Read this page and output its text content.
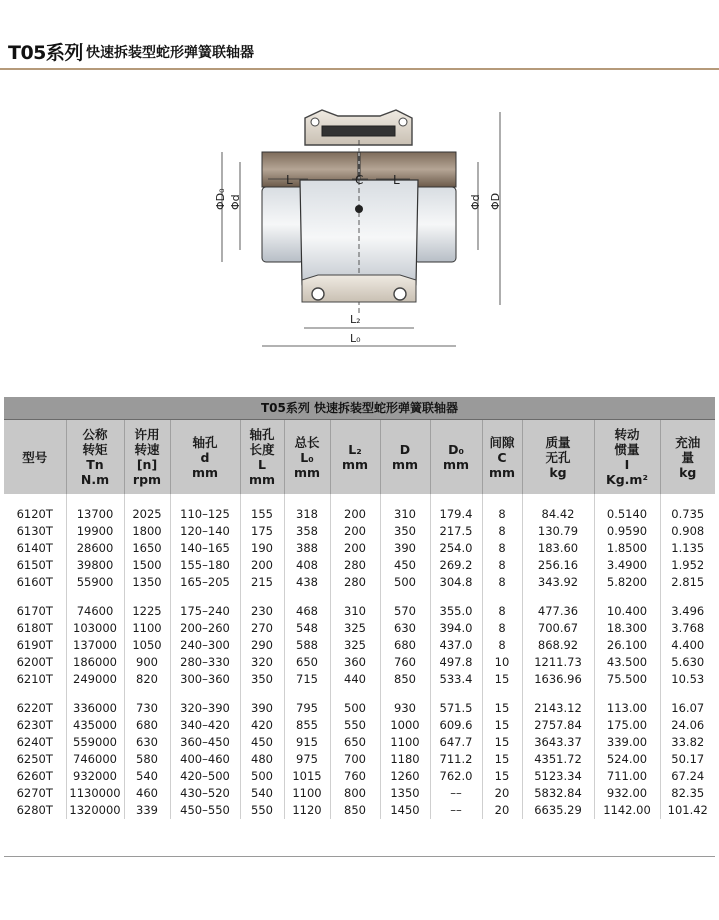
T05系列 快速拆装型蛇形弹簧联轴器
L	C L
L₂
L₀
ΦD₀ Φd	Φd ΦD
T05系列 快速拆装型蛇形弹簧联轴器
型号	公称
转矩
Tn
N.m	许用
转速
[n]
rpm	轴孔
d
mm	轴孔
长度
L
mm	总长
L₀
mm	L₂
mm	D
mm	D₀
mm	间隙
C
mm	质量
无孔
kg	转动
惯量
I
Kg.m²	充油
量
kg

6120T	13700	2025	110–125	155	318	200	310	179.4	8	84.42	0.5140	0.735
6130T	19900	1800	120–140	175	358	200	350	217.5	8	130.79	0.9590	0.908
6140T	28600	1650	140–165	190	388	200	390	254.0	8	183.60	1.8500	1.135
6150T	39800	1500	155–180	200	408	280	450	269.2	8	256.16	3.4900	1.952
6160T	55900	1350	165–205	215	438	280	500	304.8	8	343.92	5.8200	2.815

6170T	74600	1225	175–240	230	468	310	570	355.0	8	477.36	10.400	3.496
6180T	103000	1100	200–260	270	548	325	630	394.0	8	700.67	18.300	3.768
6190T	137000	1050	240–300	290	588	325	680	437.0	8	868.92	26.100	4.400
6200T	186000	900	280–330	320	650	360	760	497.8	10	1211.73	43.500	5.630
6210T	249000	820	300–360	350	715	440	850	533.4	15	1636.96	75.500	10.53

6220T	336000	730	320–390	390	795	500	930	571.5	15	2143.12	113.00	16.07
6230T	435000	680	340–420	420	855	550	1000	609.6	15	2757.84	175.00	24.06
6240T	559000	630	360–450	450	915	650	1100	647.7	15	3643.37	339.00	33.82
6250T	746000	580	400–460	480	975	700	1180	711.2	15	4351.72	524.00	50.17
6260T	932000	540	420–500	500	1015	760	1260	762.0	15	5123.34	711.00	67.24
6270T	1130000	460	430–520	540	1100	800	1350	––	20	5832.84	932.00	82.35
6280T	1320000	339	450–550	550	1120	850	1450	––	20	6635.29	1142.00	101.42
